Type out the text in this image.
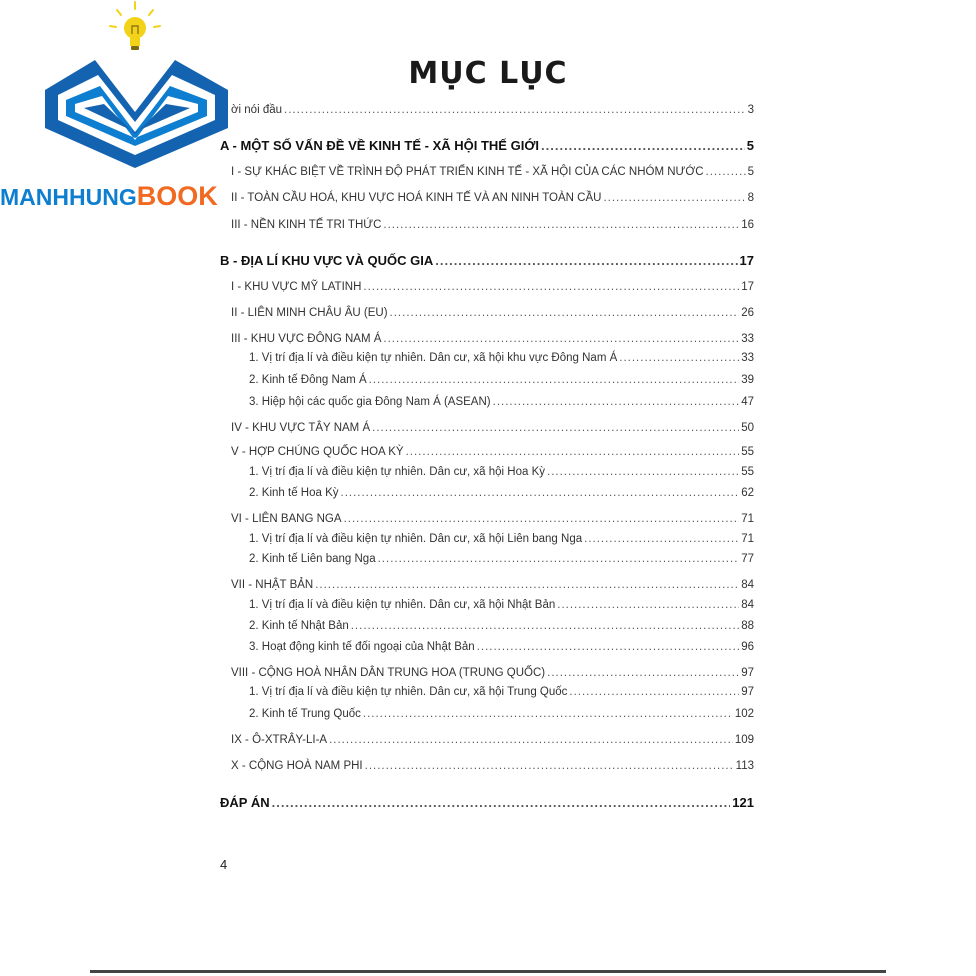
MANHHUNGBOOK
MỤC LỤC
ời nói đầu .....	3
A - MỘT SỐ VẤN ĐỀ VỀ KINH TẾ - XÃ HỘI THẾ GIỚI .....	5
I - SỰ KHÁC BIỆT VỀ TRÌNH ĐỘ PHÁT TRIỂN KINH TẾ - XÃ HỘI CỦA CÁC NHÓM NƯỚC .....	5
II - TOÀN CẦU HOÁ, KHU VỰC HOÁ KINH TẾ VÀ AN NINH TOÀN CẦU .....	8
III - NỀN KINH TẾ TRI THỨC .....	16
B - ĐỊA LÍ KHU VỰC VÀ QUỐC GIA .....	17
I - KHU VỰC MỸ LATINH .....	17
II - LIÊN MINH CHÂU ÂU (EU) .....	26
III - KHU VỰC ĐÔNG NAM Á .....	33
1. Vị trí địa lí và điều kiện tự nhiên. Dân cư, xã hội khu vực Đông Nam Á .....	33
2. Kinh tế Đông Nam Á .....	39
3. Hiệp hội các quốc gia Đông Nam Á (ASEAN) .....	47
IV - KHU VỰC TÂY NAM Á .....	50
V - HỢP CHÚNG QUỐC HOA KỲ .....	55
1. Vị trí địa lí và điều kiện tự nhiên. Dân cư, xã hội Hoa Kỳ .....	55
2. Kinh tế Hoa Kỳ .....	62
VI - LIÊN BANG NGA .....	71
1. Vị trí địa lí và điều kiện tự nhiên. Dân cư, xã hội Liên bang Nga .....	71
2. Kinh tế Liên bang Nga .....	77
VII - NHẬT BẢN .....	84
1. Vị trí địa lí và điều kiện tự nhiên. Dân cư, xã hội Nhật Bản .....	84
2. Kinh tế Nhật Bản .....	88
3. Hoạt động kinh tế đối ngoại của Nhật Bản .....	96
VIII - CỘNG HOÀ NHÂN DÂN TRUNG HOA (TRUNG QUỐC) .....	97
1. Vị trí địa lí và điều kiện tự nhiên. Dân cư, xã hội Trung Quốc .....	97
2. Kinh tế Trung Quốc .....	102
IX - Ô-XTRÂY-LI-A .....	109
X - CỘNG HOÀ NAM PHI .....	113
ĐÁP ÁN .....	121
4
